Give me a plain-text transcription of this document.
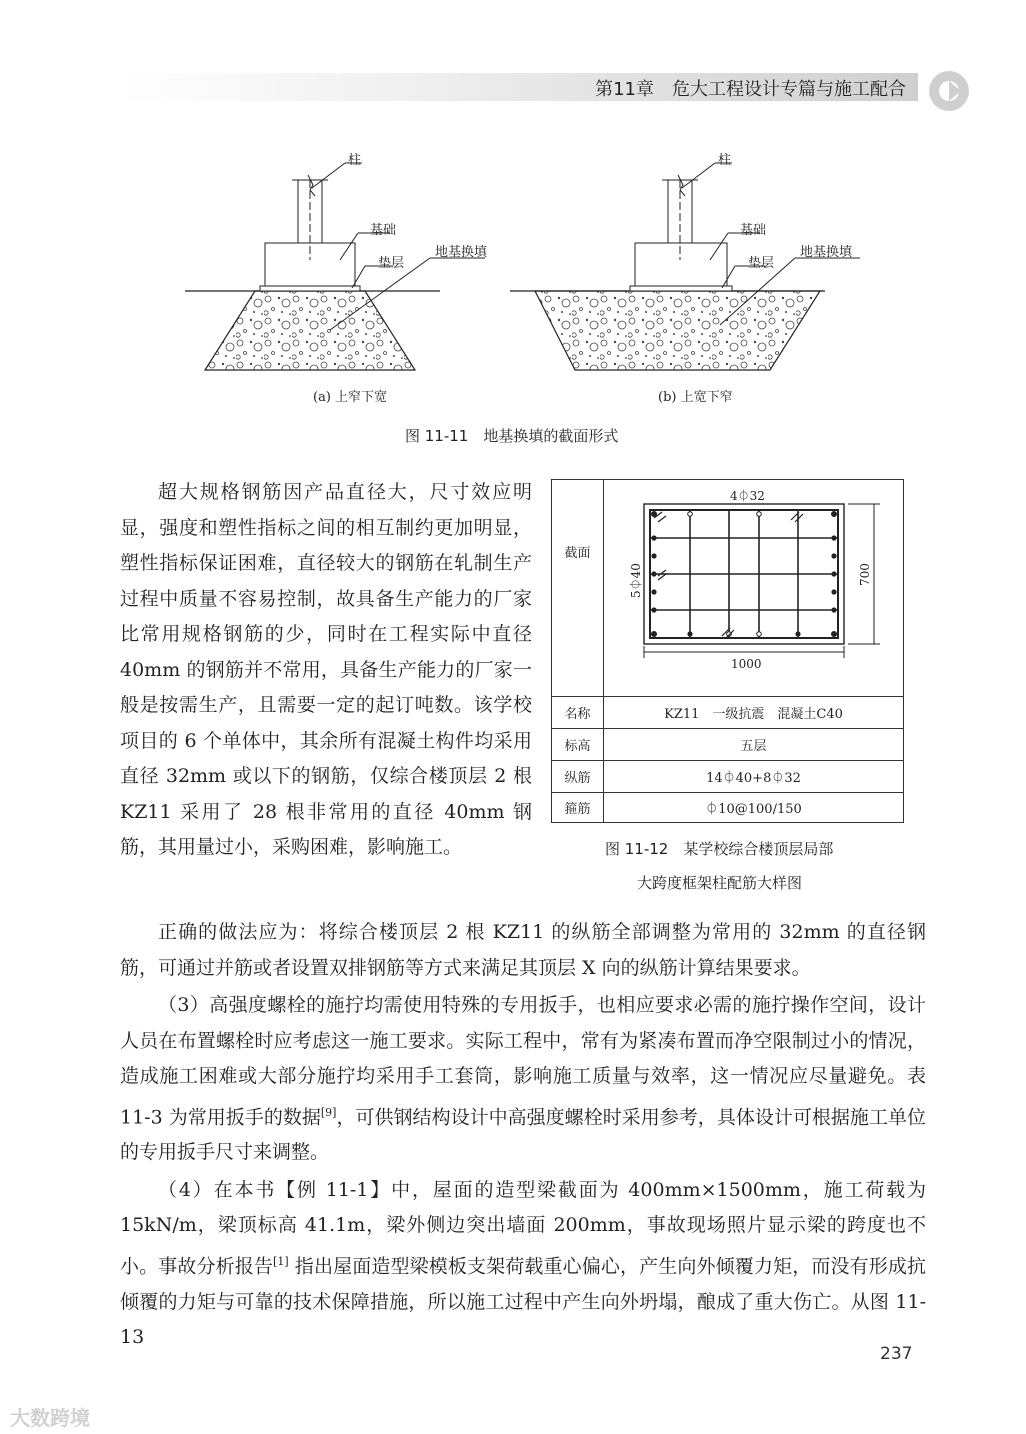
第11章　危大工程设计专篇与施工配合
柱
基础
垫层
地基换填
(a) 上窄下宽
柱
基础
垫层
地基换填
(b) 上宽下窄
图 11-11　地基换填的截面形式

超大规格钢筋因产品直径大，尺寸效应明显，强度和塑性指标之间的相互制约更加明显，塑性指标保证困难，直径较大的钢筋在轧制生产过程中质量不容易控制，故具备生产能力的厂家比常用规格钢筋的少，同时在工程实际中直径 40mm 的钢筋并不常用，具备生产能力的厂家一般是按需生产，且需要一定的起订吨数。该学校项目的 6 个单体中，其余所有混凝土构件均采用直径 32mm 或以下的钢筋，仅综合楼顶层 2 根 KZ11 采用了 28 根非常用的直径 40mm 钢筋，其用量过小，采购困难，影响施工。

截面	4⏀32
5⏀40 700
1000

名称	KZ11　一级抗震　混凝土C40
标高	五层
纵筋	14⏀40+8⏀32
箍筋	⏀10@100/150
图 11-12　某学校综合楼顶层局部
大跨度框架柱配筋大样图

正确的做法应为：将综合楼顶层 2 根 KZ11 的纵筋全部调整为常用的 32mm 的直径钢筋，可通过并筋或者设置双排钢筋等方式来满足其顶层 X 向的纵筋计算结果要求。

（3）高强度螺栓的施拧均需使用特殊的专用扳手，也相应要求必需的施拧操作空间，设计人员在布置螺栓时应考虑这一施工要求。实际工程中，常有为紧凑布置而净空限制过小的情况，造成施工困难或大部分施拧均采用手工套筒，影响施工质量与效率，这一情况应尽量避免。表 11-3 为常用扳手的数据[9]，可供钢结构设计中高强度螺栓时采用参考，具体设计可根据施工单位的专用扳手尺寸来调整。

（4）在本书【例 11-1】中，屋面的造型梁截面为 400mm×1500mm，施工荷载为 15kN/m，梁顶标高 41.1m，梁外侧边突出墙面 200mm，事故现场照片显示梁的跨度也不小。事故分析报告[1] 指出屋面造型梁模板支架荷载重心偏心，产生向外倾覆力矩，而没有形成抗倾覆的力矩与可靠的技术保障措施，所以施工过程中产生向外坍塌，酿成了重大伤亡。从图 11-13

237
大数跨境
